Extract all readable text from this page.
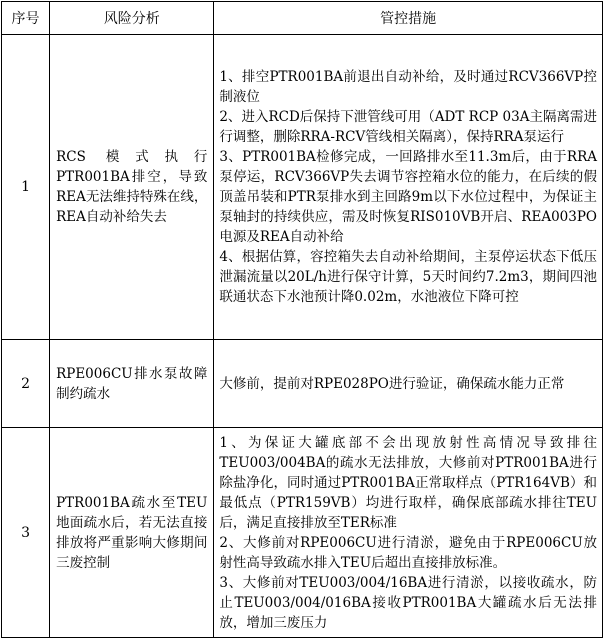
序号	风险分析	管控措施
1	RCS 模式执行PTR001BA排空，导致REA无法维持特殊在线，REA自动补给失去	1、排空PTR001BA前退出自动补给，及时通过RCV366VP控制液位
2、进入RCD后保持下泄管线可用（ADT RCP 03A主隔离需进行调整，删除RRA-RCV管线相关隔离），保持RRA泵运行
3、PTR001BA检修完成，一回路排水至11.3m后，由于RRA泵停运，RCV366VP失去调节容控箱水位的能力，在后续的假顶盖吊装和PTR泵排水到主回路9m以下水位过程中，为保证主泵轴封的持续供应，需及时恢复RIS010VB开启、REA003PO电源及REA自动补给
4、根据估算，容控箱失去自动补给期间，主泵停运状态下低压泄漏流量以20L/h进行保守计算，5天时间约7.2m3，期间四池联通状态下水池预计降0.02m，水池液位下降可控

2	RPE006CU排水泵故障制约疏水	大修前，提前对RPE028PO进行验证，确保疏水能力正常

3	PTR001BA疏水至TEU地面疏水后，若无法直接排放将严重影响大修期间三废控制	1、为保证大罐底部不会出现放射性高情况导致排往TEU003/004BA的疏水无法排放，大修前对PTR001BA进行除盐净化，同时通过PTR001BA正常取样点（PTR164VB）和最低点（PTR159VB）均进行取样，确保底部疏水排往TEU后，满足直接排放至TER标准
2、大修前对RPE006CU进行清淤，避免由于RPE006CU放射性高导致疏水排入TEU后超出直接排放标准。
3、大修前对TEU003/004/16BA进行清淤，以接收疏水，防止TEU003/004/016BA接收PTR001BA大罐疏水后无法排放，增加三废压力
